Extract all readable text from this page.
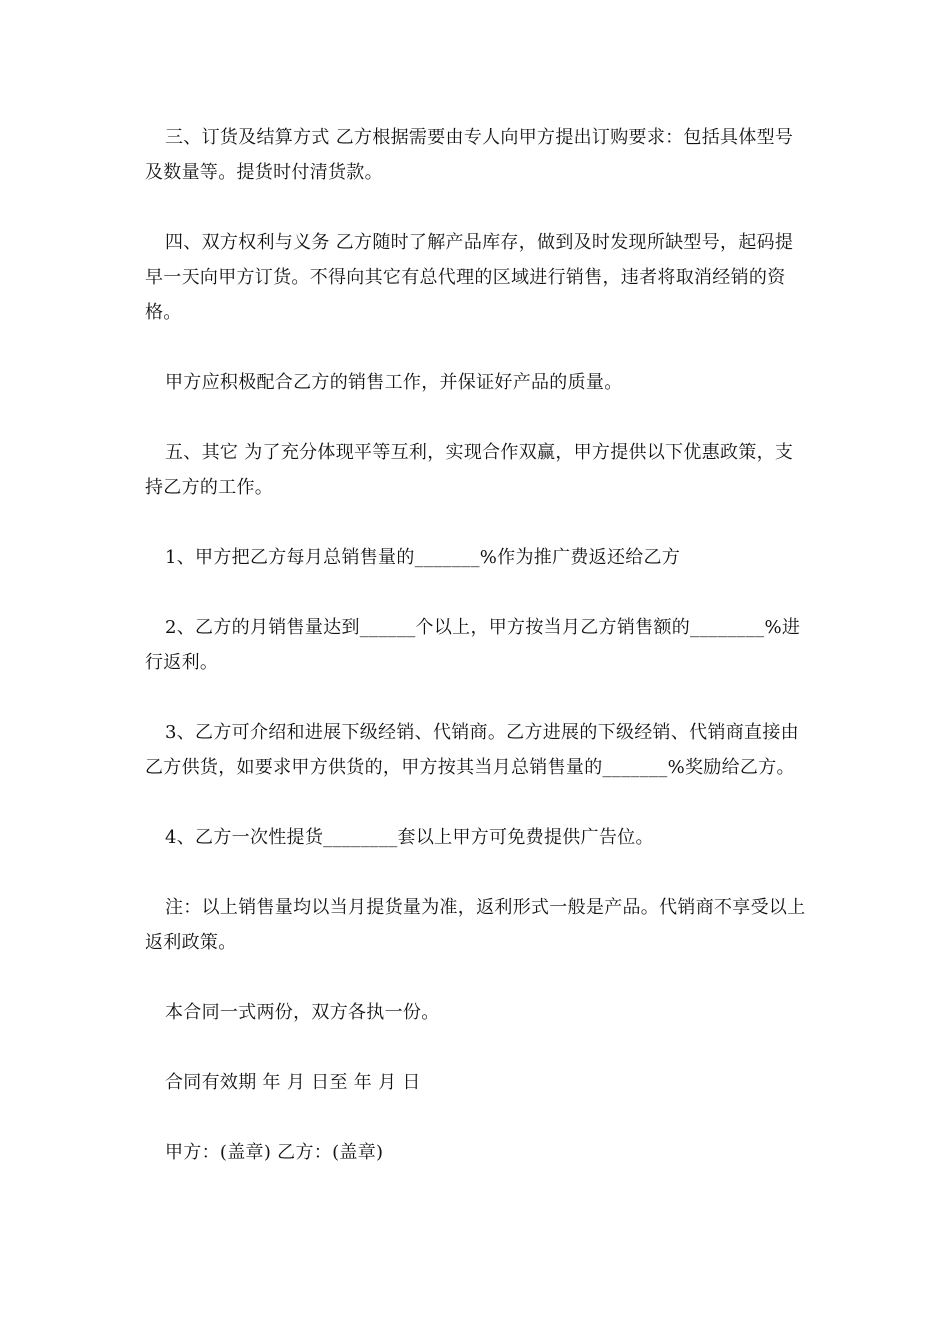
三、订货及结算方式 乙方根据需要由专人向甲方提出订购要求：包括具体型号及数量等。提货时付清货款。

四、双方权利与义务 乙方随时了解产品库存，做到及时发现所缺型号，起码提早一天向甲方订货。不得向其它有总代理的区域进行销售，违者将取消经销的资格。

甲方应积极配合乙方的销售工作，并保证好产品的质量。

五、其它 为了充分体现平等互利，实现合作双赢，甲方提供以下优惠政策，支持乙方的工作。

1、甲方把乙方每月总销售量的_______%作为推广费返还给乙方

2、乙方的月销售量达到______个以上，甲方按当月乙方销售额的________%进行返利。

3、乙方可介绍和进展下级经销、代销商。乙方进展的下级经销、代销商直接由乙方供货，如要求甲方供货的，甲方按其当月总销售量的_______%奖励给乙方。

4、乙方一次性提货________套以上甲方可免费提供广告位。

注：以上销售量均以当月提货量为准，返利形式一般是产品。代销商不享受以上返利政策。

本合同一式两份，双方各执一份。

合同有效期 年 月 日至 年 月 日

甲方：(盖章) 乙方：(盖章)
